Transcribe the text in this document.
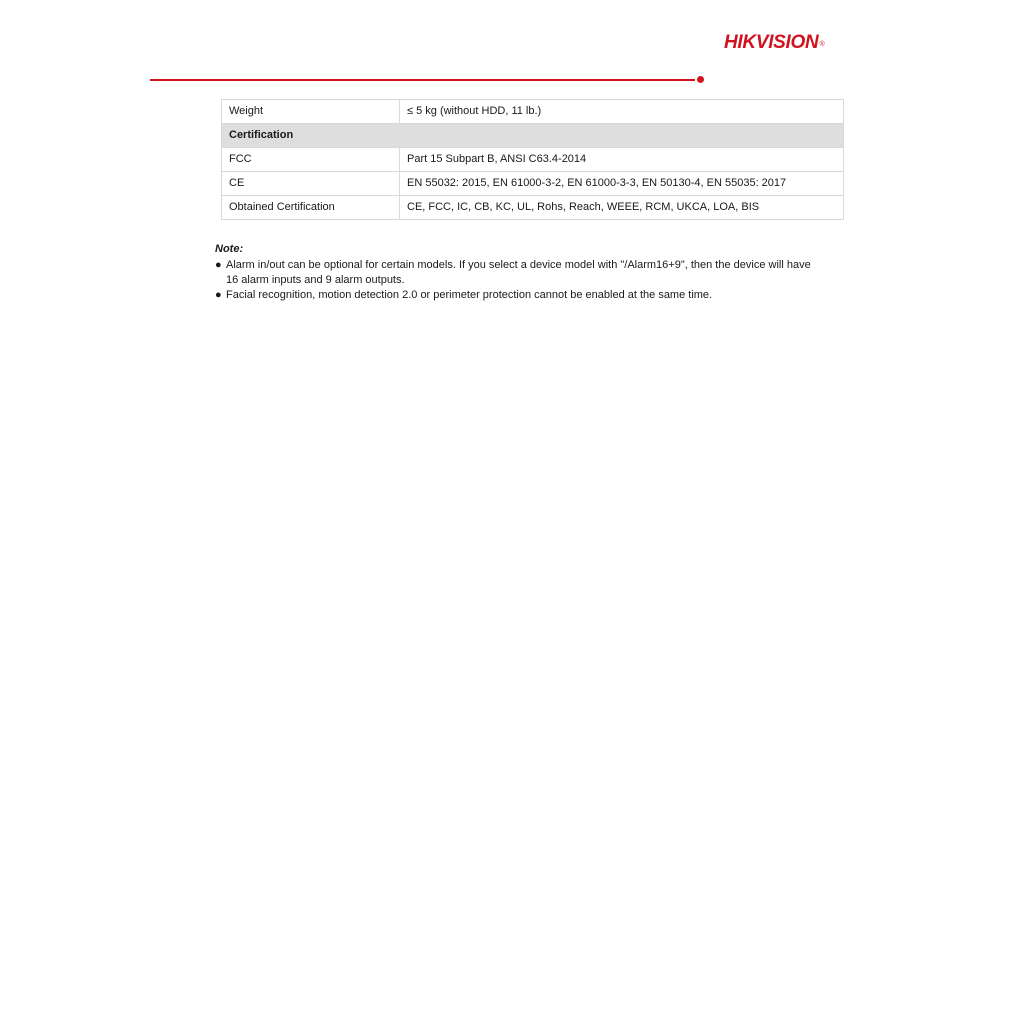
HIKVISION®
Weight	≤ 5 kg (without HDD, 11 lb.)
Certification	
FCC	Part 15 Subpart B, ANSI C63.4-2014
CE	EN 55032: 2015, EN 61000-3-2, EN 61000-3-3, EN 50130-4, EN 55035: 2017
Obtained Certification	CE, FCC, IC, CB, KC, UL, Rohs, Reach, WEEE, RCM, UKCA, LOA, BIS
Note:
● Alarm in/out can be optional for certain models. If you select a device model with "/Alarm16+9", then the device will have 16 alarm inputs and 9 alarm outputs.
● Facial recognition, motion detection 2.0 or perimeter protection cannot be enabled at the same time.
